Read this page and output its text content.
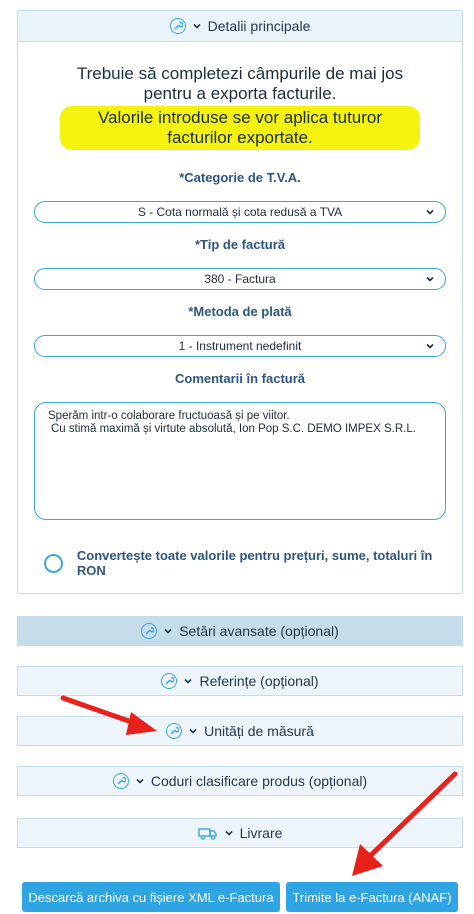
Detalii principale
Trebuie să completezi câmpurile de mai jos pentru a exporta facturile.
Valorile introduse se vor aplica tuturor facturilor exportate.
*Categorie de T.V.A.
S - Cota normală și cota redusă a TVA
*Tip de factură
380 - Factura
*Metoda de plată
1 - Instrument nedefinit
Comentarii în factură
Sperăm intr-o colaborare fructuoasă și pe viitor.
Cu stimă maximă și virtute absolută, Ion Pop S.C. DEMO IMPEX S.R.L.
Convertește toate valorile pentru prețuri, sume, totaluri în RON
Setări avansate (opțional)
Referințe (opțional)
Unități de măsură
Coduri clasificare produs (opțional)
Livrare
Descarcă archiva cu fișiere XML e-Factura	Trimite la e-Factura (ANAF)
